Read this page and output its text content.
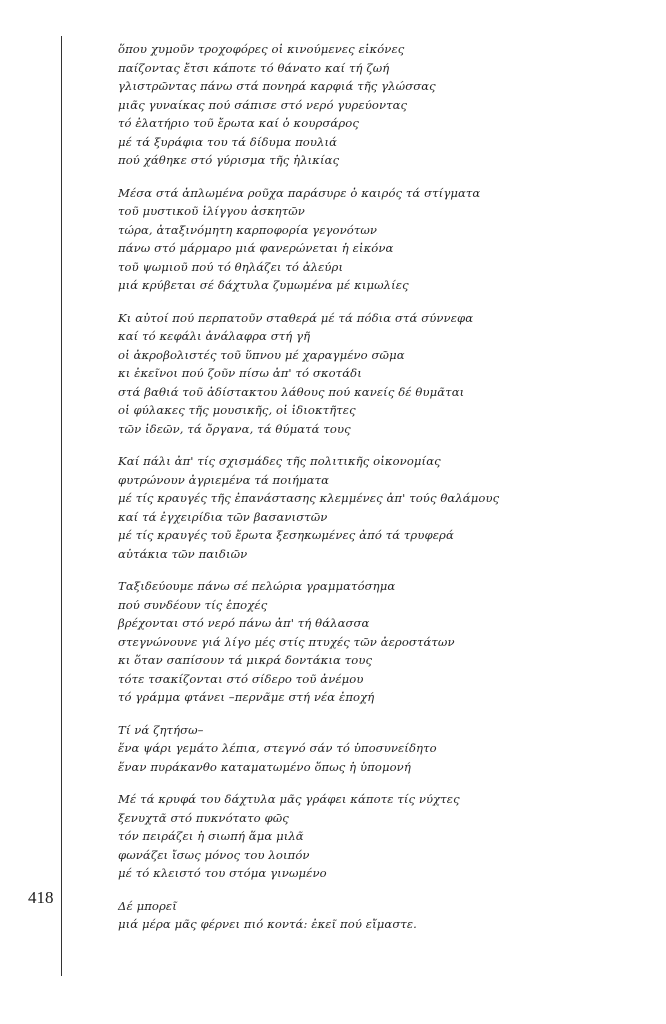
418
ὅπου χυμοῦν τροχοφόρες οἱ κινούμενες εἰκόνες
παίζοντας ἔτσι κάποτε τό θάνατο καί τή ζωή
γλιστρῶντας πάνω στά πονηρά καρφιά τῆς γλώσσας
μιᾶς γυναίκας πού σάπισε στό νερό γυρεύοντας
τό ἐλατήριο τοῦ ἔρωτα καί ὁ κουρσάρος
μέ τά ξυράφια του τά δίδυμα πουλιά
πού χάθηκε στό γύρισμα τῆς ἡλικίας
Μέσα στά ἁπλωμένα ροῦχα παράσυρε ὁ καιρός τά στίγματα
τοῦ μυστικοῦ ἰλίγγου ἀσκητῶν
τώρα, ἀταξινόμητη καρποφορία γεγονότων
πάνω στό μάρμαρο μιά φανερώνεται ἡ εἰκόνα
τοῦ ψωμιοῦ πού τό θηλάζει τό ἀλεύρι
μιά κρύβεται σέ δάχτυλα ζυμωμένα μέ κιμωλίες
Κι αὐτοί πού περπατοῦν σταθερά μέ τά πόδια στά σύννεφα
καί τό κεφάλι ἀνάλαφρα στή γῆ
οἱ ἀκροβολιστές τοῦ ὕπνου μέ χαραγμένο σῶμα
κι ἐκεῖνοι πού ζοῦν πίσω ἀπ' τό σκοτάδι
στά βαθιά τοῦ ἀδίστακτου λάθους πού κανείς δέ θυμᾶται
οἱ φύλακες τῆς μουσικῆς, οἱ ἰδιοκτῆτες
τῶν ἰδεῶν, τά ὄργανα, τά θύματά τους
Καί πάλι ἀπ' τίς σχισμάδες τῆς πολιτικῆς οἰκονομίας
φυτρώνουν ἀγριεμένα τά ποιήματα
μέ τίς κραυγές τῆς ἐπανάστασης κλεμμένες ἀπ' τούς θαλάμους
καί τά ἐγχειρίδια τῶν βασανιστῶν
μέ τίς κραυγές τοῦ ἔρωτα ξεσηκωμένες ἀπό τά τρυφερά
αὐτάκια τῶν παιδιῶν
Ταξιδεύουμε πάνω σέ πελώρια γραμματόσημα
πού συνδέουν τίς ἐποχές
βρέχονται στό νερό πάνω ἀπ' τή θάλασσα
στεγνώνουνε γιά λίγο μές στίς πτυχές τῶν ἀεροστάτων
κι ὅταν σαπίσουν τά μικρά δοντάκια τους
τότε τσακίζονται στό σίδερο τοῦ ἀνέμου
τό γράμμα φτάνει –περνᾶμε στή νέα ἐποχή
Τί νά ζητήσω–
ἕνα ψάρι γεμάτο λέπια, στεγνό σάν τό ὑποσυνείδητο
ἕναν πυράκανθο καταματωμένο ὅπως ἡ ὑπομονή
Μέ τά κρυφά του δάχτυλα μᾶς γράφει κάποτε τίς νύχτες
ξενυχτᾶ στό πυκνότατο φῶς
τόν πειράζει ἡ σιωπή ἅμα μιλᾶ
φωνάζει ἴσως μόνος του λοιπόν
μέ τό κλειστό του στόμα γινωμένο
Δέ μπορεῖ
μιά μέρα μᾶς φέρνει πιό κοντά: ἐκεῖ πού εἴμαστε.
